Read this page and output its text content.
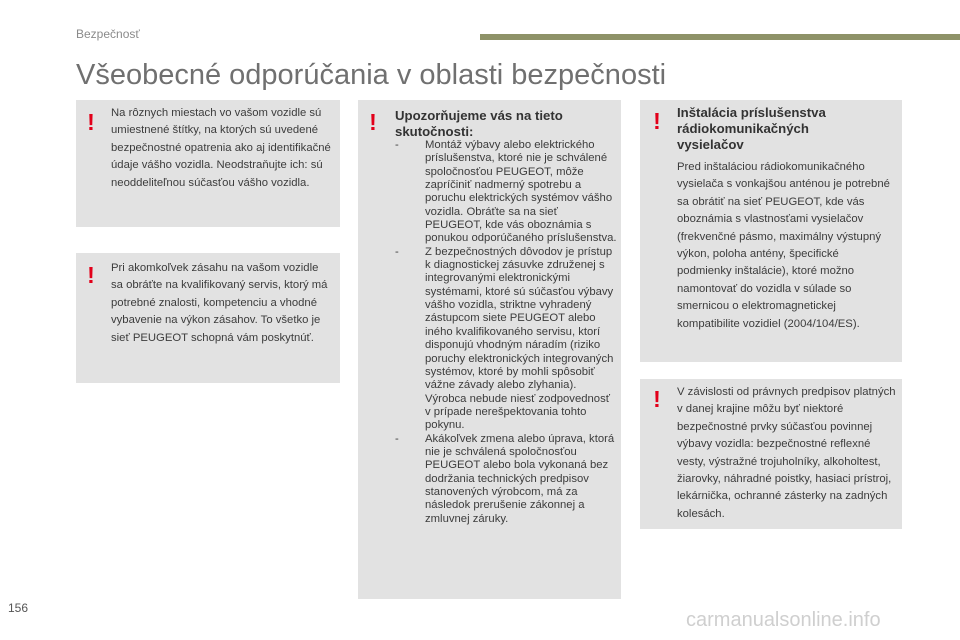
Bezpečnosť
Všeobecné odporúčania v oblasti bezpečnosti
! Na rôznych miestach vo vašom vozidle sú umiestnené štítky, na ktorých sú uvedené bezpečnostné opatrenia ako aj identifikačné údaje vášho vozidla. Neodstraňujte ich: sú neoddeliteľnou súčasťou vášho vozidla.

! Pri akomkoľvek zásahu na vašom vozidle sa obráťte na kvalifikovaný servis, ktorý má potrebné znalosti, kompetenciu a vhodné vybavenie na výkon zásahov. To všetko je sieť PEUGEOT schopná vám poskytnúť.

! Upozorňujeme vás na tieto skutočnosti:
- Montáž výbavy alebo elektrického príslušenstva, ktoré nie je schválené spoločnosťou PEUGEOT, môže zapríčiniť nadmerný spotrebu a poruchu elektrických systémov vášho vozidla. Obráťte sa na sieť PEUGEOT, kde vás oboznámia s ponukou odporúčaného príslušenstva.
- Z bezpečnostných dôvodov je prístup k diagnostickej zásuvke združenej s integrovanými elektronickými systémami, ktoré sú súčasťou výbavy vášho vozidla, striktne vyhradený zástupcom siete PEUGEOT alebo iného kvalifikovaného servisu, ktorí disponujú vhodným náradím (riziko poruchy elektronických integrovaných systémov, ktoré by mohli spôsobiť vážne závady alebo zlyhania). Výrobca nebude niesť zodpovednosť v prípade nerešpektovania tohto pokynu.
- Akákoľvek zmena alebo úprava, ktorá nie je schválená spoločnosťou PEUGEOT alebo bola vykonaná bez dodržania technických predpisov stanovených výrobcom, má za následok prerušenie zákonnej a zmluvnej záruky.
! Inštalácia príslušenstva rádiokomunikačných vysielačov

Pred inštaláciou rádiokomunikačného vysielača s vonkajšou anténou je potrebné sa obrátiť na sieť PEUGEOT, kde vás oboznámia s vlastnosťami vysielačov (frekvenčné pásmo, maximálny výstupný výkon, poloha antény, špecifické podmienky inštalácie), ktoré možno namontovať do vozidla v súlade so smernicou o elektromagnetickej kompatibilite vozidiel (2004/104/ES).

! V závislosti od právnych predpisov platných v danej krajine môžu byť niektoré bezpečnostné prvky súčasťou povinnej výbavy vozidla: bezpečnostné reflexné vesty, výstražné trojuholníky, alkoholtest, žiarovky, náhradné poistky, hasiaci prístroj, lekárnička, ochranné zásterky na zadných kolesách.

156
carmanualsonline.info
